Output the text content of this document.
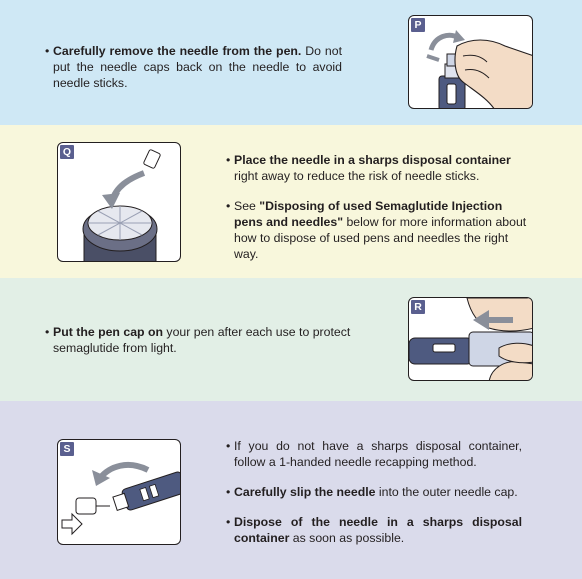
• Carefully remove the needle from the pen. Do not put the needle caps back on the needle to avoid needle sticks.
P
Q
• Place the needle in a sharps disposal container right away to reduce the risk of needle sticks.
• See "Disposing of used Semaglutide Injection pens and needles" below for more information about how to dispose of used pens and needles the right way.
• Put the pen cap on your pen after each use to protect semaglutide from light.
R
S	• If you do not have a sharps disposal container, follow a 1-handed needle recapping method.
• Carefully slip the needle into the outer needle cap.
• Dispose of the needle in a sharps disposal container as soon as possible.
